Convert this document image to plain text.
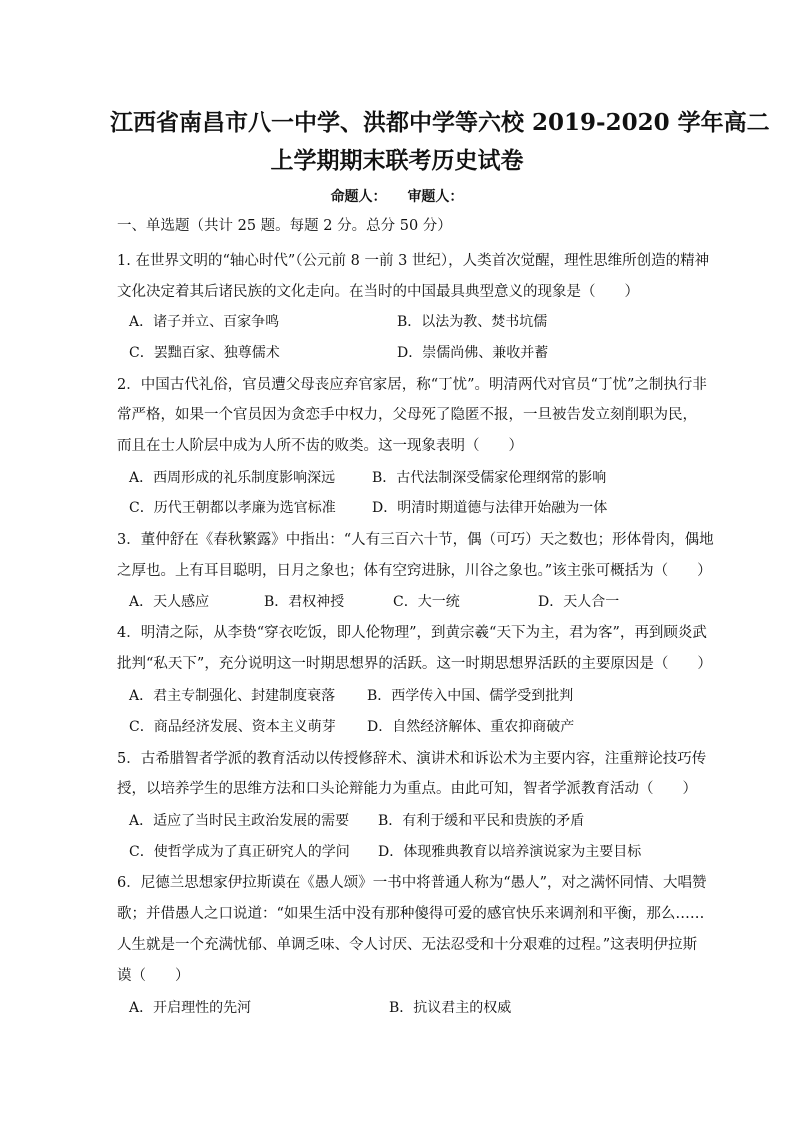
江西省南昌市八一中学、洪都中学等六校 2019-2020 学年高二
上学期期末联考历史试卷
命题人： 审题人：
一、单选题（共计 25 题。每题 2 分。总分 50 分）
1. 在世界文明的“轴心时代”（公元前 8 一前 3 世纪），人类首次觉醒，理性思维所创造的精神
文化决定着其后诸民族的文化走向。在当时的中国最具典型意义的现象是（　　）
A．诸子并立、百家争鸣	B．以法为教、焚书坑儒
C．罢黜百家、独尊儒术	D．崇儒尚佛、兼收并蓄
2．中国古代礼俗，官员遭父母丧应弃官家居，称“丁忧”。明清两代对官员“丁忧”之制执行非
常严格，如果一个官员因为贪恋手中权力，父母死了隐匿不报，一旦被告发立刻削职为民，
而且在士人阶层中成为人所不齿的败类。这一现象表明（　　）
A．西周形成的礼乐制度影响深远	B．古代法制深受儒家伦理纲常的影响
C．历代王朝都以孝廉为选官标准	D．明清时期道德与法律开始融为一体
3．董仲舒在《春秋繁露》中指出：“人有三百六十节，偶（可巧）天之数也；形体骨肉，偶地
之厚也。上有耳目聪明，日月之象也；体有空窍进脉，川谷之象也。”该主张可概括为（　　）
A．天人感应	B．君权神授	C．大一统	D．天人合一
4．明清之际，从李贽“穿衣吃饭，即人伦物理”，到黄宗羲“天下为主，君为客”，再到顾炎武
批判“私天下”，充分说明这一时期思想界的活跃。这一时期思想界活跃的主要原因是（　　）
A．君主专制强化、封建制度衰落 B．西学传入中国、儒学受到批判
C．商品经济发展、资本主义萌芽 D．自然经济解体、重农抑商破产
5．古希腊智者学派的教育活动以传授修辞术、演讲术和诉讼术为主要内容，注重辩论技巧传
授，以培养学生的思维方法和口头论辩能力为重点。由此可知，智者学派教育活动（　　）
A．适应了当时民主政治发展的需要 B．有利于缓和平民和贵族的矛盾
C．使哲学成为了真正研究人的学问 D．体现雅典教育以培养演说家为主要目标
6．尼德兰思想家伊拉斯谟在《愚人颂》一书中将普通人称为“愚人”，对之满怀同情、大唱赞
歌；并借愚人之口说道：“如果生活中没有那种傻得可爱的感官快乐来调剂和平衡，那么……
人生就是一个充满忧郁、单调乏味、令人讨厌、无法忍受和十分艰难的过程。”这表明伊拉斯
谟（　　）
A．开启理性的先河	B．抗议君主的权威
